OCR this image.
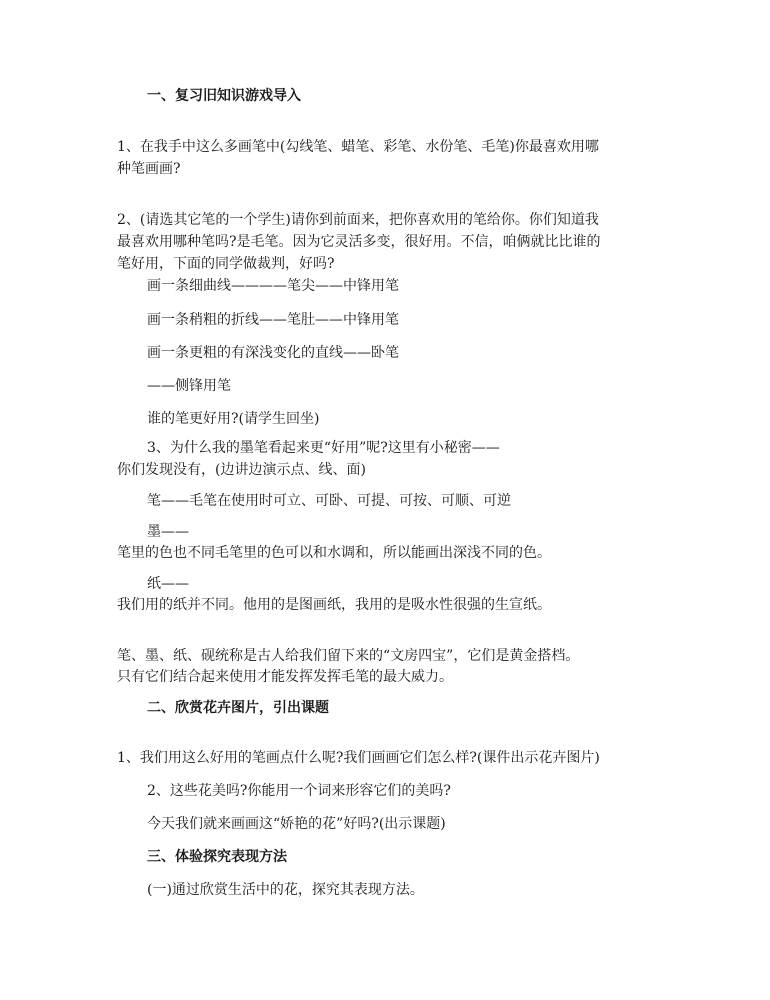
一、复习旧知识游戏导入

1、在我手中这么多画笔中(勾线笔、蜡笔、彩笔、水份笔、毛笔)你最喜欢用哪

种笔画画?

2、(请选其它笔的一个学生)请你到前面来，把你喜欢用的笔给你。你们知道我

最喜欢用哪种笔吗?是毛笔。因为它灵活多变，很好用。不信，咱俩就比比谁的

笔好用，下面的同学做裁判，好吗?

画一条细曲线————笔尖——中锋用笔

画一条稍粗的折线——笔肚——中锋用笔

画一条更粗的有深浅变化的直线——卧笔

——侧锋用笔

谁的笔更好用?(请学生回坐)

3、为什么我的墨笔看起来更“好用”呢?这里有小秘密——

你们发现没有，(边讲边演示点、线、面)

笔——毛笔在使用时可立、可卧、可提、可按、可顺、可逆

墨——

笔里的色也不同毛笔里的色可以和水调和，所以能画出深浅不同的色。

纸——

我们用的纸并不同。他用的是图画纸，我用的是吸水性很强的生宣纸。

笔、墨、纸、砚统称是古人给我们留下来的“文房四宝”，它们是黄金搭档。

只有它们结合起来使用才能发挥发挥毛笔的最大威力。

二、欣赏花卉图片，引出课题

1、我们用这么好用的笔画点什么呢?我们画画它们怎么样?(课件出示花卉图片)

2、这些花美吗?你能用一个词来形容它们的美吗?

今天我们就来画画这“娇艳的花”好吗?(出示课题)

三、体验探究表现方法

(一)通过欣赏生活中的花，探究其表现方法。
